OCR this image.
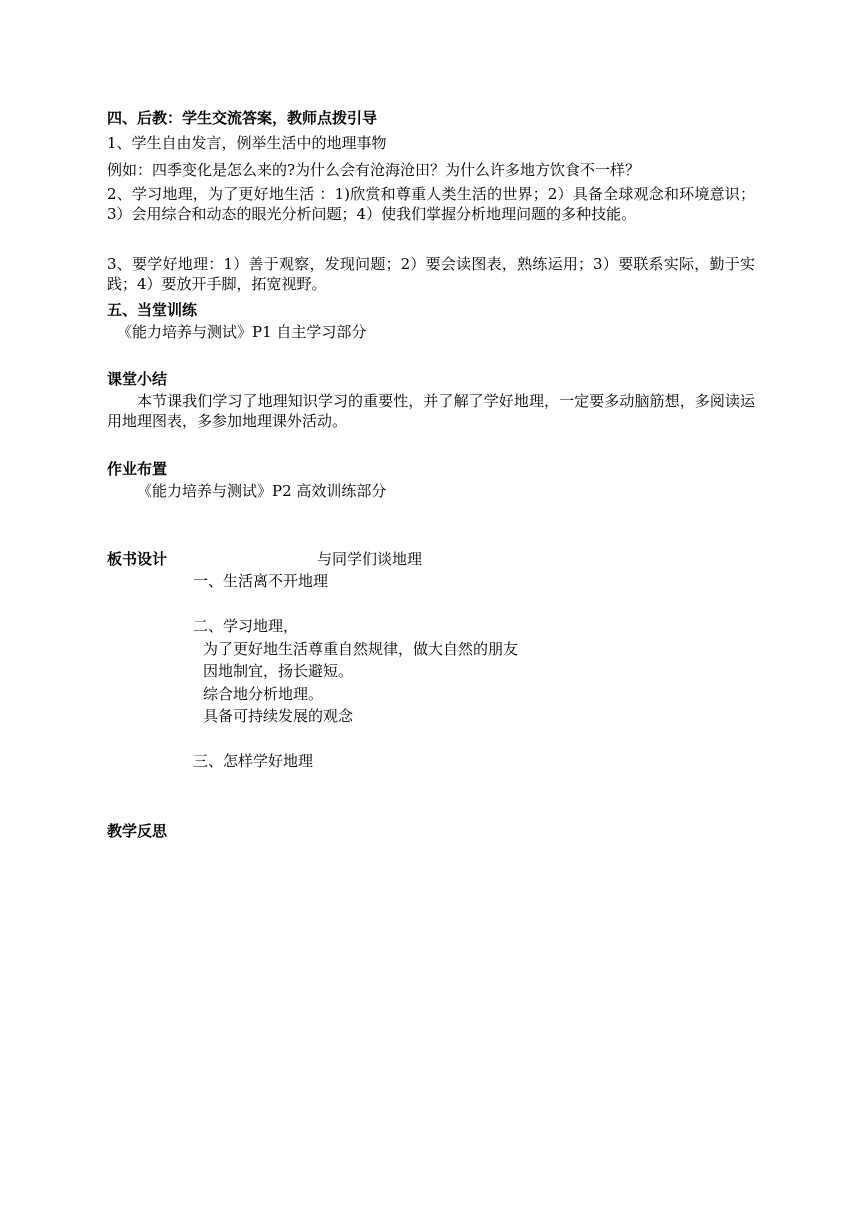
四、后教：学生交流答案，教师点拨引导
1、学生自由发言，例举生活中的地理事物
例如：四季变化是怎么来的?为什么会有沧海沧田？为什么许多地方饮食不一样？
2、学习地理，为了更好地生活 ：1)欣赏和尊重人类生活的世界；2）具备全球观念和环境意识；3）会用综合和动态的眼光分析问题；4）使我们掌握分析地理问题的多种技能。
3、要学好地理：1）善于观察，发现问题；2）要会读图表，熟练运用；3）要联系实际，勤于实践；4）要放开手脚，拓宽视野。
五、当堂训练
《能力培养与测试》P1 自主学习部分
课堂小结
本节课我们学习了地理知识学习的重要性，并了解了学好地理，一定要多动脑筋想，多阅读运用地理图表，多参加地理课外活动。
作业布置
《能力培养与测试》P2 高效训练部分
板书设计	与同学们谈地理
一、生活离不开地理
二、学习地理，
为了更好地生活尊重自然规律，做大自然的朋友
因地制宜，扬长避短。
综合地分析地理。
具备可持续发展的观念
三、怎样学好地理
教学反思
